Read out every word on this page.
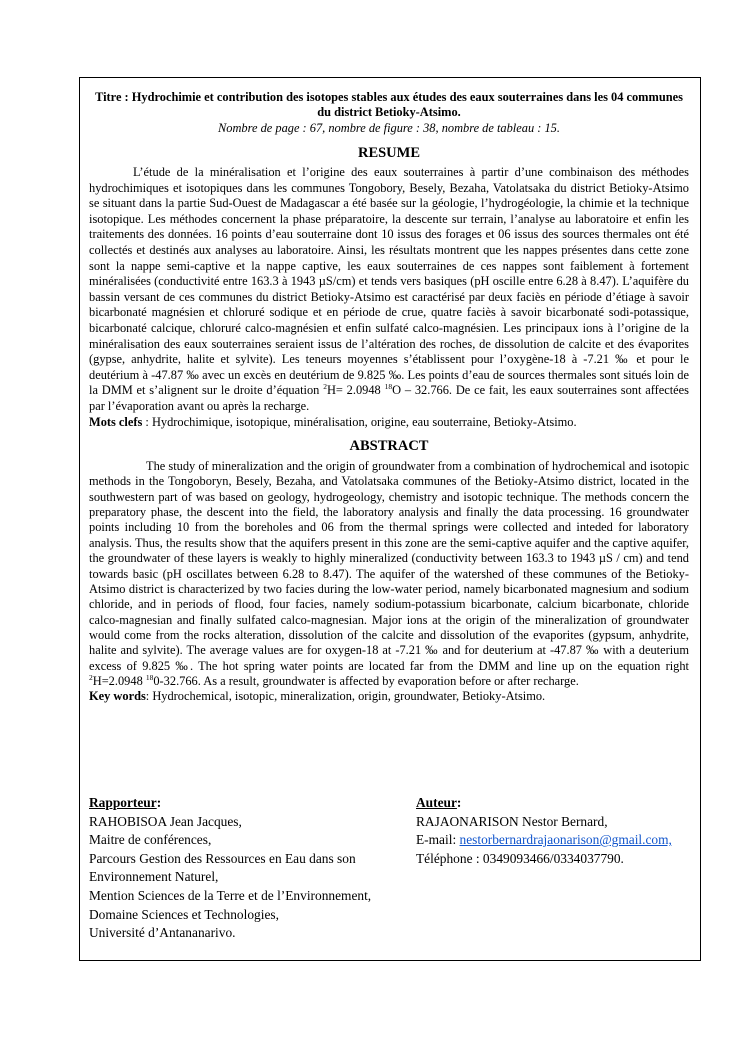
Titre : Hydrochimie et contribution des isotopes stables aux études des eaux souterraines dans les 04 communes du district Betioky-Atsimo.
Nombre de page : 67, nombre de figure : 38, nombre de tableau : 15.
RESUME

L’étude de la minéralisation et l’origine des eaux souterraines à partir d’une combinaison des méthodes hydrochimiques et isotopiques dans les communes Tongobory, Besely, Bezaha, Vatolatsaka du district Betioky-Atsimo se situant dans la partie Sud-Ouest de Madagascar a été basée sur la géologie, l’hydrogéologie, la chimie et la technique isotopique. Les méthodes concernent la phase préparatoire, la descente sur terrain, l’analyse au laboratoire et enfin les traitements des données. 16 points d’eau souterraine dont 10 issus des forages et 06 issus des sources thermales ont été collectés et destinés aux analyses au laboratoire. Ainsi, les résultats montrent que les nappes présentes dans cette zone sont la nappe semi-captive et la nappe captive, les eaux souterraines de ces nappes sont faiblement à fortement minéralisées (conductivité entre 163.3 à 1943 µS/cm) et tends vers basiques (pH oscille entre 6.28 à 8.47). L’aquifère du bassin versant de ces communes du district Betioky-Atsimo est caractérisé par deux faciès en période d’étiage à savoir bicarbonaté magnésien et chloruré sodique et en période de crue, quatre faciès à savoir bicarbonaté sodi-potassique, bicarbonaté calcique, chloruré calco-magnésien et enfin sulfaté calco-magnésien. Les principaux ions à l’origine de la minéralisation des eaux souterraines seraient issus de l’altération des roches, de dissolution de calcite et des évaporites (gypse, anhydrite, halite et sylvite). Les teneurs moyennes s’établissent pour l’oxygène-18 à -7.21 ‰ et pour le deutérium à -47.87 ‰ avec un excès en deutérium de 9.825 ‰. Les points d’eau de sources thermales sont situés loin de la DMM et s’alignent sur le droite d’équation $^2$H= 2.0948 $^{18}$O – 32.766. De ce fait, les eaux souterraines sont affectées par l’évaporation avant ou après la recharge.

Mots clefs : Hydrochimique, isotopique, minéralisation, origine, eau souterraine, Betioky-Atsimo.

ABSTRACT

The study of mineralization and the origin of groundwater from a combination of hydrochemical and isotopic methods in the Tongoboryn, Besely, Bezaha, and Vatolatsaka communes of the Betioky-Atsimo district, located in the southwestern part of was based on geology, hydrogeology, chemistry and isotopic technique. The methods concern the preparatory phase, the descent into the field, the laboratory analysis and finally the data processing. 16 groundwater points including 10 from the boreholes and 06 from the thermal springs were collected and inteded for laboratory analysis. Thus, the results show that the aquifers present in this zone are the semi-captive aquifer and the captive aquifer, the groundwater of these layers is weakly to highly mineralized (conductivity between 163.3 to 1943 µS / cm) and tend towards basic (pH oscillates between 6.28 to 8.47). The aquifer of the watershed of these communes of the Betioky-Atsimo district is characterized by two facies during the low-water period, namely bicarbonated magnesium and sodium chloride, and in periods of flood, four facies, namely sodium-potassium bicarbonate, calcium bicarbonate, chloride calco-magnesian and finally sulfated calco-magnesian. Major ions at the origin of the mineralization of groundwater would come from the rocks alteration, dissolution of the calcite and dissolution of the evaporites (gypsum, anhydrite, halite and sylvite). The average values are for oxygen-18 at -7.21 ‰ and for deuterium at -47.87 ‰ with a deuterium excess of 9.825 ‰. The hot spring water points are located far from the DMM and line up on the equation right $^2$H=2.0948 $^{18}$0-32.766. As a result, groundwater is affected by evaporation before or after recharge.

Key words: Hydrochemical, isotopic, mineralization, origin, groundwater, Betioky-Atsimo.

Rapporteur:
RAHOBISOA Jean Jacques,
Maitre de conférences,
Parcours Gestion des Ressources en Eau dans son Environnement Naturel,
Mention Sciences de la Terre et de l’Environnement,
Domaine Sciences et Technologies,
Université d’Antananarivo.
Auteur:
RAJAONARISON Nestor Bernard,
E-mail: nestorbernardrajaonarison@gmail.com,
Téléphone : 0349093466/0334037790.
